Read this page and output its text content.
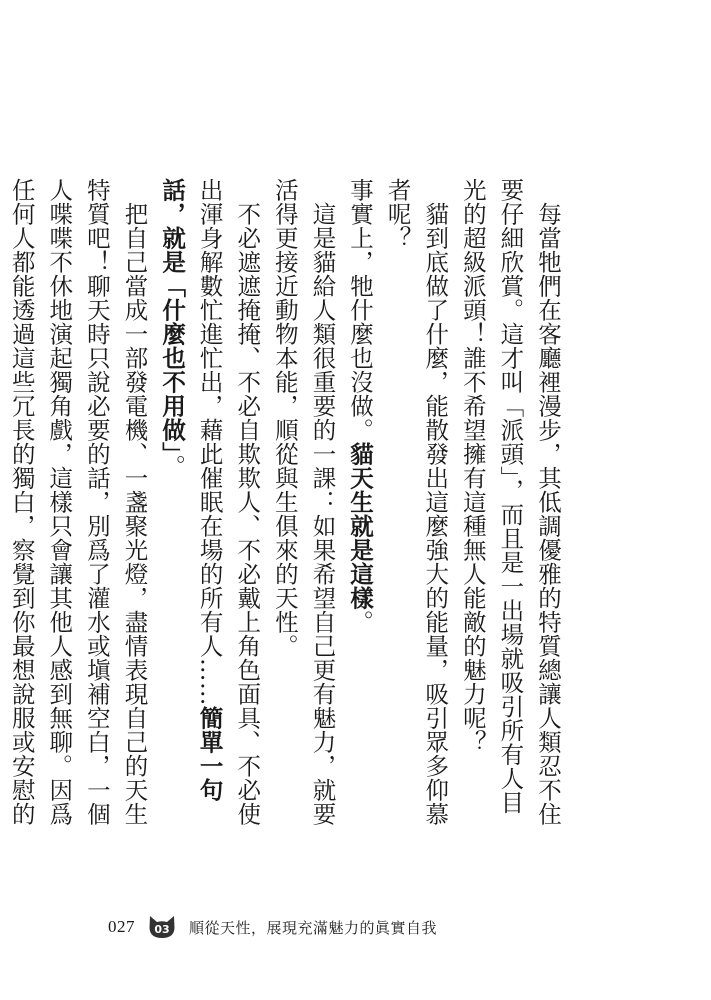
每當牠們在客廳裡漫步，其低調優雅的特質總讓人類忍不住要仔細欣賞。這才叫「派頭」，而且是一出場就吸引所有人目光的超級派頭！誰不希望擁有這種無人能敵的魅力呢？

貓到底做了什麼，能散發出這麼強大的能量，吸引眾多仰慕者呢？

事實上，牠什麼也沒做。貓天生就是這樣。

這是貓給人類很重要的一課：如果希望自己更有魅力，就要活得更接近動物本能，順從與生俱來的天性。

不必遮遮掩掩、不必自欺欺人、不必戴上角色面具、不必使出渾身解數忙進忙出，藉此催眠在場的所有人……簡單一句話，就是「什麼也不用做」。

把自己當成一部發電機、一盞聚光燈，盡情表現自己的天生特質吧！聊天時只說必要的話，別爲了灌水或塡補空白，一個人喋喋不休地演起獨角戲，這樣只會讓其他人感到無聊。因爲任何人都能透過這些冗長的獨白，察覺到你最想說服或安慰的

027 03 順從天性，展現充滿魅力的眞實自我
